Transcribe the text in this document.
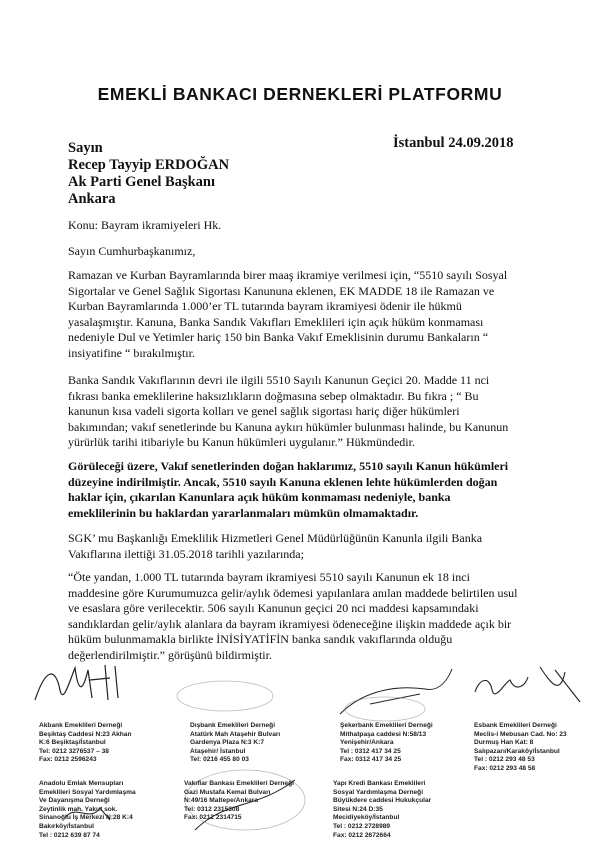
EMEKLİ BANKACI DERNEKLERİ PLATFORMU
İstanbul 24.09.2018
Sayın
Recep Tayyip ERDOĞAN
Ak Parti Genel Başkanı
Ankara
Konu: Bayram ikramiyeleri Hk.
Sayın Cumhurbaşkanımız,
Ramazan ve Kurban Bayramlarında birer maaş ikramiye verilmesi için, “5510 sayılı Sosyal
Sigortalar ve Genel Sağlık Sigortası Kanununa eklenen, EK MADDE 18 ile Ramazan ve
Kurban Bayramlarında 1.000’er TL tutarında bayram ikramiyesi ödenir ile hükmü
yasalaşmıştır. Kanuna, Banka Sandık Vakıfları Emeklileri için açık hüküm konmaması
nedeniyle Dul ve Yetimler hariç 150 bin Banka Vakıf Emeklisinin durumu Bankaların “
insiyatifine “ bırakılmıştır.
Banka Sandık Vakıflarının devri ile ilgili 5510 Sayılı Kanunun Geçici 20. Madde 11 nci
fıkrası banka emeklilerine haksızlıkların doğmasına sebep olmaktadır. Bu fıkra ; “ Bu
kanunun kısa vadeli sigorta kolları ve genel sağlık sigortası hariç diğer hükümleri
bakımından; vakıf senetlerinde bu Kanuna aykırı hükümler bulunması halinde, bu Kanunun
yürürlük tarihi itibariyle bu Kanun hükümleri uygulanır.” Hükmündedir.
Görüleceği üzere, Vakıf senetlerinden doğan haklarımız, 5510 sayılı Kanun hükümleri
düzeyine indirilmiştir. Ancak, 5510 sayılı Kanuna eklenen lehte hükümlerden doğan
haklar için, çıkarılan Kanunlara açık hüküm konmaması nedeniyle, banka
emeklilerinin bu haklardan yararlanmaları mümkün olmamaktadır.
SGK’ mu Başkanlığı Emeklilik Hizmetleri Genel Müdürlüğünün Kanunla ilgili Banka
Vakıflarına ilettiği 31.05.2018 tarihli yazılarında;
“Öte yandan, 1.000 TL tutarında bayram ikramiyesi 5510 sayılı Kanunun ek 18 inci
maddesine göre Kurumumuzca gelir/aylık ödemesi yapılanlara anılan maddede belirtilen usul
ve esaslara göre verilecektir. 506 sayılı Kanunun geçici 20 nci maddesi kapsamındaki
sandıklardan gelir/aylık alanlara da bayram ikramiyesi ödeneceğine ilişkin maddede açık bir
hüküm bulunmamakla birlikte İNİSİYATİFİN banka sandık vakıflarında olduğu
değerlendirilmiştir.” görüşünü bildirmiştir.
Akbank Emeklileri Derneği
Beşiktaş Caddesi N:23 Akhan
K:6 Beşiktaş/İstanbul
Tel: 0212 3276537 – 38
Fax: 0212 2596243
Dışbank Emeklileri Derneği
Atatürk Mah Ataşehir Bulvarı
Gardenya Plaza N:3 K:7
Ataşehir/ İstanbul
Tel: 0216 455 80 03
Şekerbank Emeklileri Derneği
Mithatpaşa caddesi N:58/13
Yenişehir/Ankara
Tel : 0312 417 34 25
Fax: 0312 417 34 25
Esbank Emeklileri Derneği
Meclis-i Mebusan Cad. No: 23
Durmuş Han Kat: 8
Salıpazarı/Karaköy/İstanbul
Tel : 0212 293 48 53
Fax: 0212 293 48 58
Anadolu Emlak Mensupları
Emeklileri Sosyal Yardımlaşma
Ve Dayanışma Derneği
Zeytinlik mah. Yakut sok.
Sinanoğlu İş Merkezi N:28 K:4
Bakırköy/İstanbul
Tel : 0212 639 87 74
Vakıflar Bankası Emeklileri Derneği
Gazi Mustafa Kemal Bulvarı
N:49/16 Maltepe/Ankara
Tel: 0312 2315308
Fax: 0212 2314715
Yapı Kredi Bankası Emeklileri
Sosyal Yardımlaşma Derneği
Büyükdere caddesi Hukukçular
Sitesi N:24 D:35
Mecidiyeköy/İstanbul
Tel : 0212 2728989
Fax: 0212 2672664
